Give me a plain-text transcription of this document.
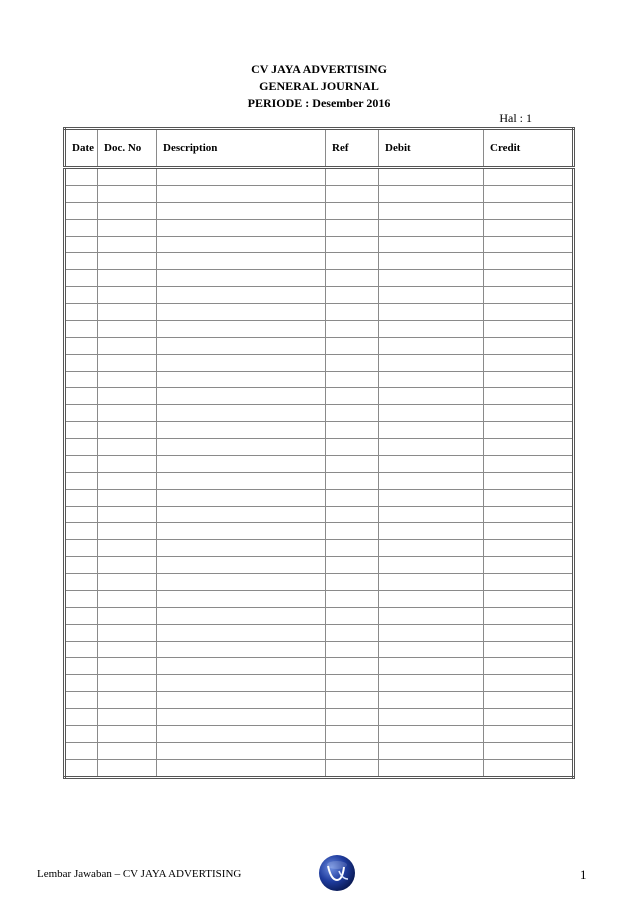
CV JAYA ADVERTISING
GENERAL JOURNAL
PERIODE : Desember 2016
Hal : 1
Date	Doc. No	Description	Ref	Debit	Credit

Lembar Jawaban – CV JAYA ADVERTISING	1
